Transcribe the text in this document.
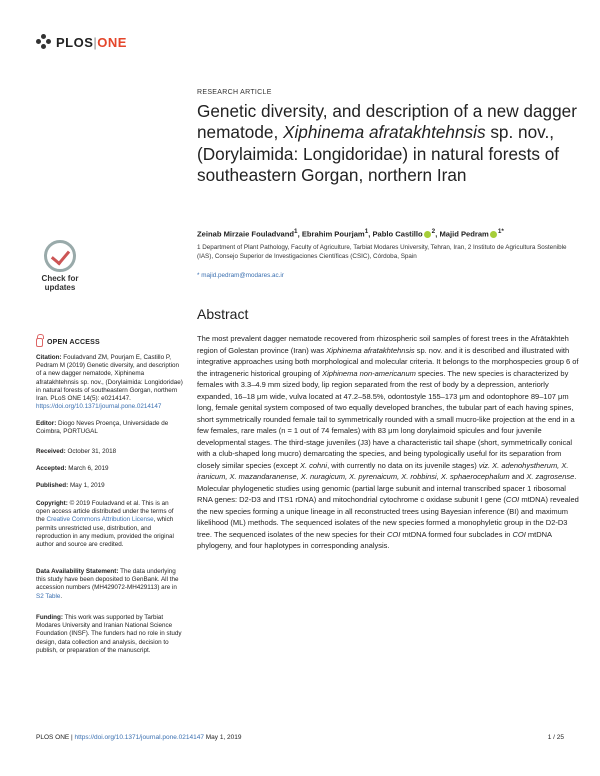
PLOS|ONE
Check for
updates
OPEN ACCESS
Citation: Fouladvand ZM, Pourjam E, Castillo P, Pedram M (2019) Genetic diversity, and description of a new dagger nematode, Xiphinema afratakhtehnsis sp. nov., (Dorylaimida: Longidoridae) in natural forests of southeastern Gorgan, northern Iran. PLoS ONE 14(5): e0214147. https://doi.org/10.1371/journal.pone.0214147
Editor: Diogo Neves Proença, Universidade de Coimbra, PORTUGAL
Received: October 31, 2018
Accepted: March 6, 2019
Published: May 1, 2019
Copyright: © 2019 Fouladvand et al. This is an open access article distributed under the terms of the Creative Commons Attribution License, which permits unrestricted use, distribution, and reproduction in any medium, provided the original author and source are credited.
Data Availability Statement: The data underlying this study have been deposited to GenBank. All the accession numbers (MH429072-MH429113) are in S2 Table.
Funding: This work was supported by Tarbiat Modares University and Iranian National Science Foundation (INSF). The funders had no role in study design, data collection and analysis, decision to publish, or preparation of the manuscript.
RESEARCH ARTICLE
Genetic diversity, and description of a new dagger nematode, Xiphinema afratakhtehnsis sp. nov., (Dorylaimida: Longidoridae) in natural forests of southeastern Gorgan, northern Iran
Zeinab Mirzaie Fouladvand$^1$, Ebrahim Pourjam$^1$, Pablo Castillo $^2$, Majid Pedram $^{1*}$
1 Department of Plant Pathology, Faculty of Agriculture, Tarbiat Modares University, Tehran, Iran, 2 Instituto de Agricultura Sostenible (IAS), Consejo Superior de Investigaciones Científicas (CSIC), Córdoba, Spain
* majid.pedram@modares.ac.ir
Abstract
The most prevalent dagger nematode recovered from rhizospheric soil samples of forest trees in the Afrātakhteh region of Golestan province (Iran) was Xiphinema afratakhtehnsis sp. nov. and it is described and illustrated with integrative approaches using both morphological and molecular criteria. It belongs to the morphospecies group 6 of the intrageneric historical grouping of Xiphinema non-americanum species. The new species is characterized by females with 3.3–4.9 mm sized body, lip region separated from the rest of body by a depression, anteriorly expanded, 16–18 μm wide, vulva located at 47.2–58.5%, odontostyle 155–173 μm and odontophore 89–107 μm long, female genital system composed of two equally developed branches, the tubular part of each having spines, short symmetrically rounded female tail to symmetrically rounded with a small mucro-like projection at the end in a few females, rare males (n = 1 out of 74 females) with 83 μm long dorylaimoid spicules and four juvenile developmental stages. The third-stage juveniles (J3) have a characteristic tail shape (short, symmetrically conical with a club-shaped long mucro) demarcating the species, and being typologically useful for its separation from closely similar species (except X. cohni, with currently no data on its juvenile stages) viz. X. adenohystherum, X. iranicum, X. mazandaranense, X. nuragicum, X. pyrenaicum, X. robbinsi, X. sphaerocephalum and X. zagrosense. Molecular phylogenetic studies using genomic (partial large subunit and internal transcribed spacer 1 ribosomal RNA genes: D2-D3 and ITS1 rDNA) and mitochondrial cytochrome c oxidase subunit I gene (COI mtDNA) revealed the new species forming a unique lineage in all reconstructed trees using Bayesian inference (BI) and maximum likelihood (ML) methods. The sequenced isolates of the new species formed a monophyletic group in the D2-D3 tree. The sequenced isolates of the new species for their COI mtDNA formed four subclades in COI mtDNA phylogeny, and four haplotypes in corresponding analysis.
PLOS ONE | https://doi.org/10.1371/journal.pone.0214147 May 1, 2019	1 / 25
